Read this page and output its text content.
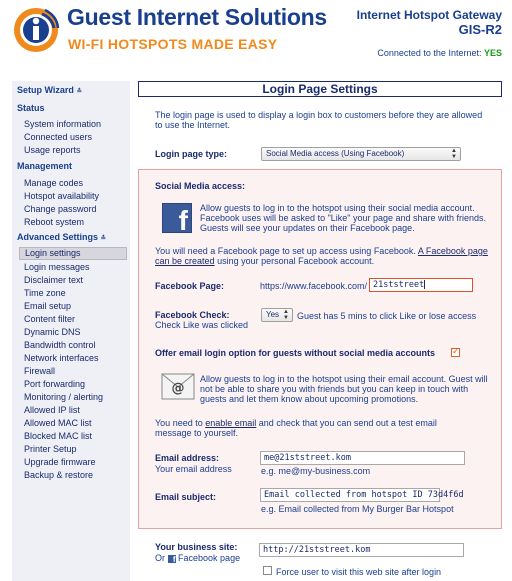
Guest Internet Solutions
WI-FI HOTSPOTS MADE EASY
Internet Hotspot Gateway
GIS-R2
Connected to the Internet: YES
Setup Wizard ⩮
Status
System information
Connected users
Usage reports
Management
Manage codes
Hotspot availability
Change password
Reboot system
Advanced Settings ⩮
Login settings
Login messages
Disclaimer text
Time zone
Email setup
Content filter
Dynamic DNS
Bandwidth control
Network interfaces
Firewall
Port forwarding
Monitoring / alerting
Allowed IP list
Allowed MAC list
Blocked MAC list
Printer Setup
Upgrade firmware
Backup & restore
Login Page Settings
The login page is used to display a login box to customers before they are allowed to use the Internet.
Login page type:	Social Media access (Using Facebook)	▲
▼
Social Media access:
f Allow guests to log in to the hotspot using their social media account. Facebook uses will be asked to "Like" your page and share with friends. Guests will see your updates on their Facebook page.
You will need a Facebook page to set up access using Facebook. A Facebook page can be created using your personal Facebook account.
Facebook Page:	https://www.facebook.com/ 21ststreet
Facebook Check:
Check Like was clicked
Yes ▲
▼ Guest has 5 mins to click Like or lose access
Offer email login option for guests without social media accounts
✓
@
Allow guests to log in to the hotspot using their email account. Guest will not be able to share you with friends but you can keep in touch with guests and let them know about upcoming promotions.
You need to enable email and check that you can send out a test email message to yourself.
Email address:
Your email address
me@21ststreet.kom
e.g. me@my-business.com
Email subject:	Email collected from hotspot ID 73d4f6d
e.g. Email collected from My Burger Bar Hotspot
Your business site:
Or f Facebook page
http://21ststreet.kom
Force user to visit this web site after login
